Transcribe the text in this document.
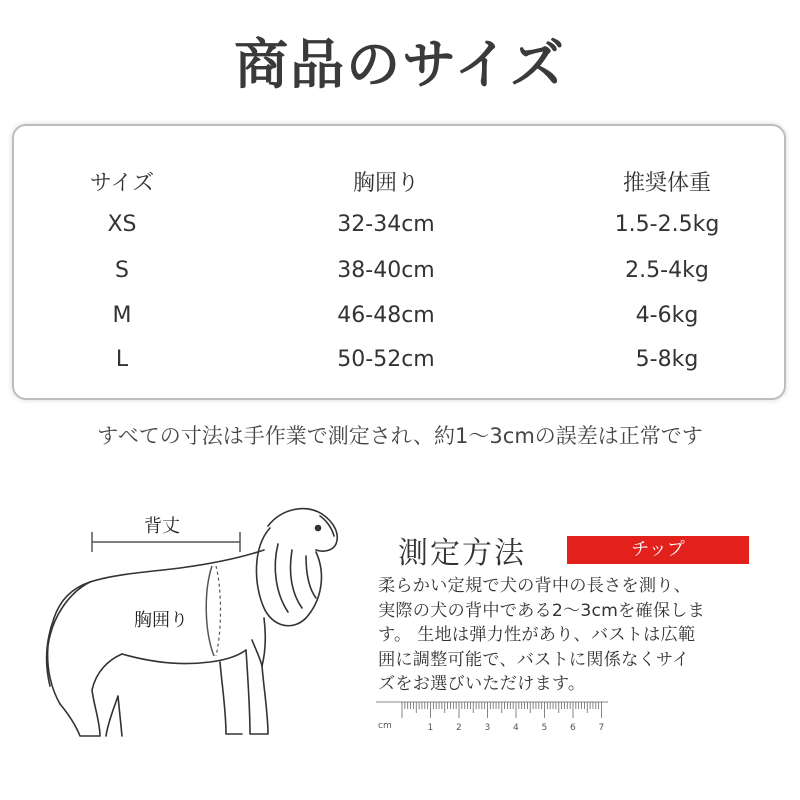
商品のサイズ
サイズ	胸囲り	推奨体重
XS	32-34cm	1.5-2.5kg
S	38-40cm	2.5-4kg
M	46-48cm	4-6kg
L	50-52cm	5-8kg
すべての寸法は手作業で測定され、約1～3cmの誤差は正常です
背丈
胸囲り
測定方法	チップ
柔らかい定規で犬の背中の長さを測り、
実際の犬の背中である2～3cmを確保しま
す。 生地は弾力性があり、バストは広範
囲に調整可能で、バストに関係なくサイ
ズをお選びいただけます。
cm	1	2	3	4	5	6	7
